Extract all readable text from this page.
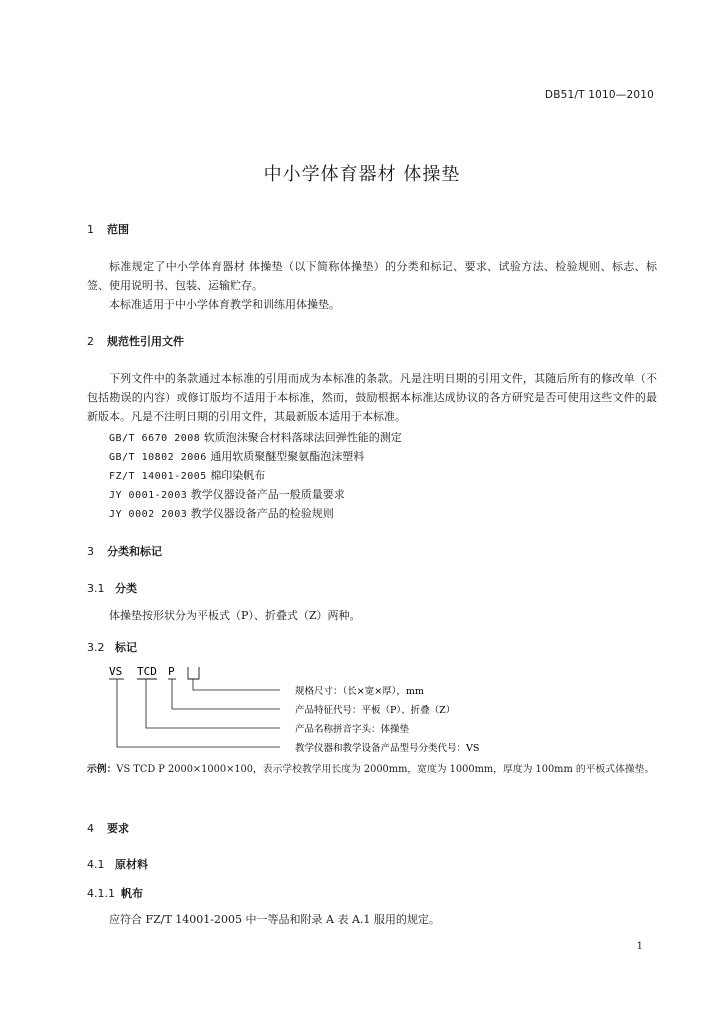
DB51/T 1010—2010
中小学体育器材 体操垫
1 范围

标准规定了中小学体育器材 体操垫（以下简称体操垫）的分类和标记、要求、试验方法、检验规则、标志、标签、使用说明书、包装、运输贮存。

本标准适用于中小学体育教学和训练用体操垫。

2 规范性引用文件

下列文件中的条款通过本标准的引用而成为本标准的条款。凡是注明日期的引用文件，其随后所有的修改单（不包括勘误的内容）或修订版均不适用于本标准，然而，鼓励根据本标准达成协议的各方研究是否可使用这些文件的最新版本。凡是不注明日期的引用文件，其最新版本适用于本标准。

GB/T 6670 2008 软质泡沫聚合材料落球法回弹性能的测定
GB/T 10802 2006 通用软质聚醚型聚氨酯泡沫塑料
FZ/T 14001-2005 棉印染帆布
JY 0001-2003 教学仪器设备产品一般质量要求
JY 0002 2003 教学仪器设备产品的检验规则
3 分类和标记
3.1 分类

体操垫按形状分为平板式（P）、折叠式（Z）两种。

3.2 标记
VS TCD P
规格尺寸：（长×宽×厚），mm
产品特征代号：平板（P）、折叠（Z）
产品名称拼音字头：体操垫
教学仪器和教学设备产品型号分类代号：VS

示例：VS TCD P 2000×1000×100，表示学校教学用长度为 2000mm，宽度为 1000mm，厚度为 100mm 的平板式体操垫。

4 要求
4.1 原材料
4.1.1 帆布

应符合 FZ/T 14001-2005 中一等品和附录 A 表 A.1 服用的规定。

1
